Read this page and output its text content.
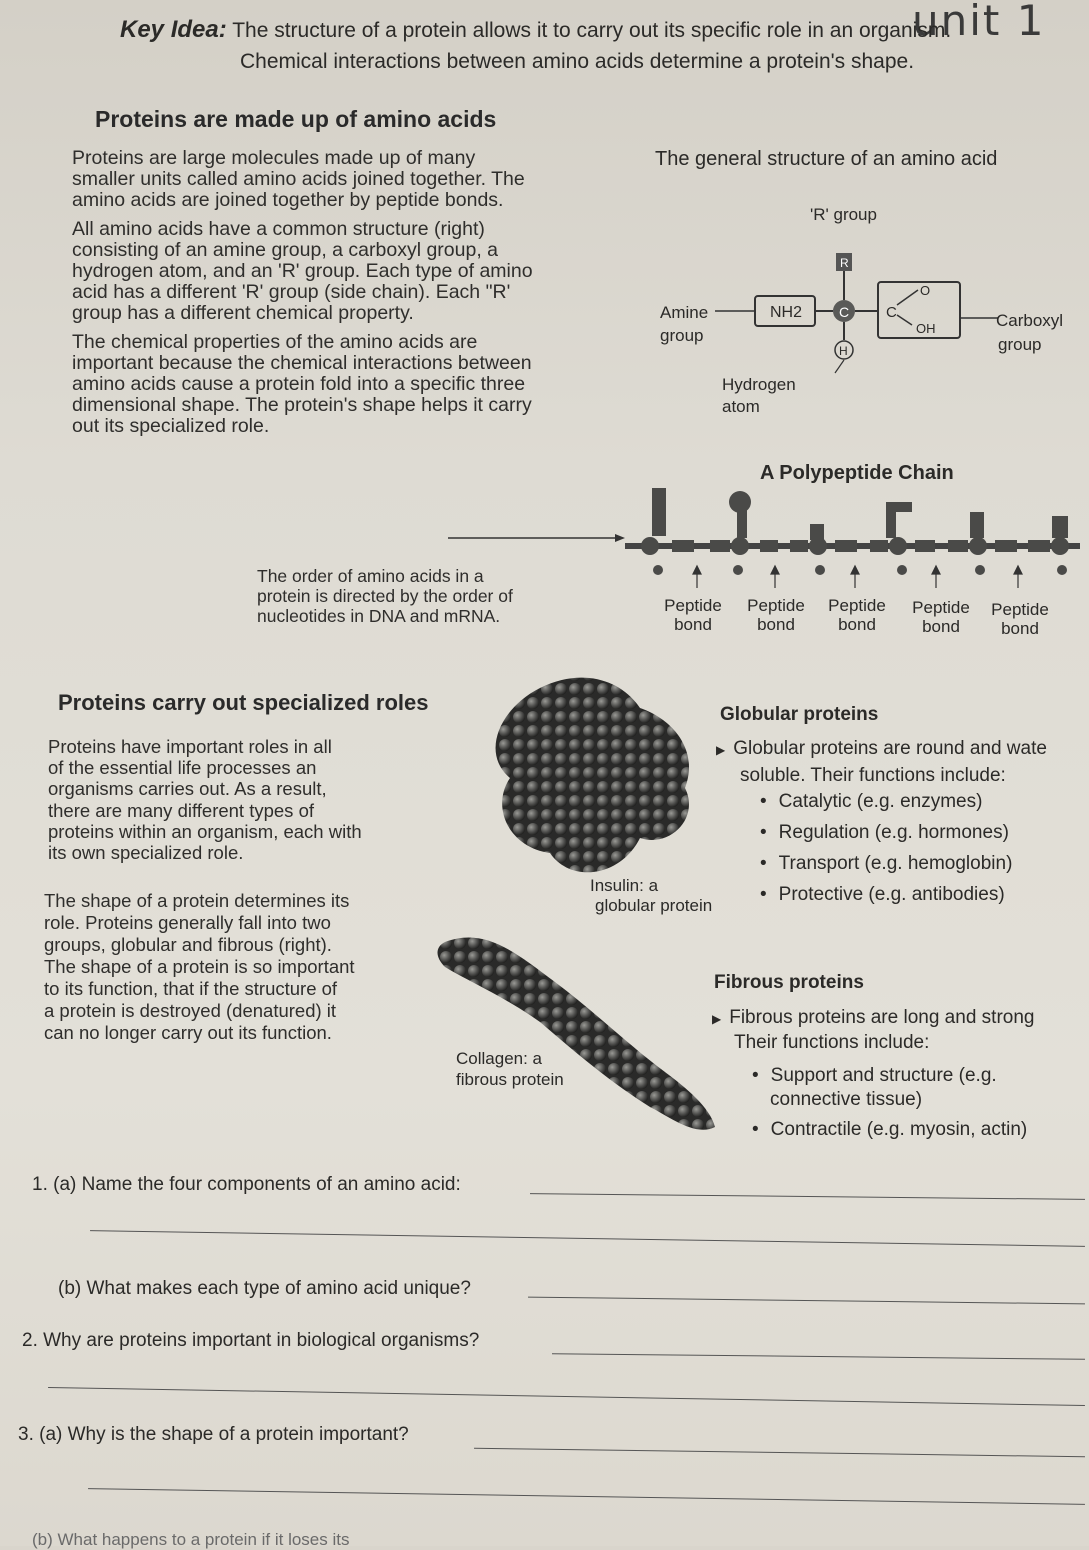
unit 1
Key Idea: The structure of a protein allows it to carry out its specific role in an organism.
Chemical interactions between amino acids determine a protein's shape.
Proteins are made up of amino acids

Proteins are large molecules made up of many
smaller units called amino acids joined together. The
amino acids are joined together by peptide bonds.

All amino acids have a common structure (right)
consisting of an amine group, a carboxyl group, a
hydrogen atom, and an 'R' group. Each type of amino
acid has a different 'R' group (side chain). Each "R'
group has a different chemical property.

The chemical properties of the amino acids are
important because the chemical interactions between
amino acids cause a protein fold into a specific three
dimensional shape. The protein's shape helps it carry
out its specialized role.

The general structure of an amino acid
'R' group
R
NH2	C C
O
OH
H
Amine
group
Carboxyl
group
Hydrogen
atom
A Polypeptide Chain
The order of amino acids in a
protein is directed by the order of
nucleotides in DNA and mRNA.
Peptide
bond
Peptide
bond
Peptide
bond
Peptide
bond
Peptide
bond
Proteins carry out specialized roles
Proteins have important roles in all
of the essential life processes an
organisms carries out. As a result,
there are many different types of
proteins within an organism, each with
its own specialized role.
The shape of a protein determines its
role. Proteins generally fall into two
groups, globular and fibrous (right).
The shape of a protein is so important
to its function, that if the structure of
a protein is destroyed (denatured) it
can no longer carry out its function.
Insulin: a
globular protein
Collagen: a
fibrous protein
Globular proteins
▶ Globular proteins are round and wate
soluble. Their functions include:
• Catalytic (e.g. enzymes)
• Regulation (e.g. hormones)
• Transport (e.g. hemoglobin)
• Protective (e.g. antibodies)
Fibrous proteins
▶ Fibrous proteins are long and strong
Their functions include:
• Support and structure (e.g.
connective tissue)
• Contractile (e.g. myosin, actin)
1. (a) Name the four components of an amino acid:
(b) What makes each type of amino acid unique?
2. Why are proteins important in biological organisms?
3. (a) Why is the shape of a protein important?
(b) What happens to a protein if it loses its
